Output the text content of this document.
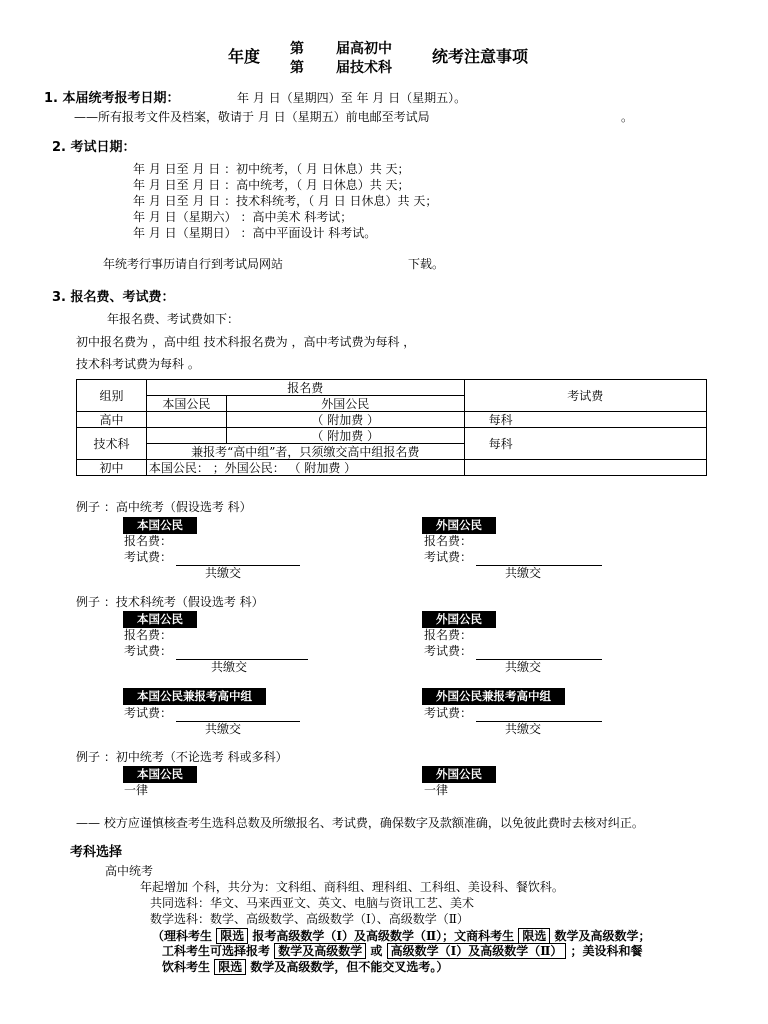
年度 第
第
届高初中
届技术科
统考注意事项
1. 本届统考报考日期：	年 月 日（星期四）至 年 月 日（星期五）。
——所有报考文件及档案，敬请于 月 日（星期五）前电邮至考试局	。
2. 考试日期：
年 月 日至 月 日 ：初中统考，（ 月 日休息）共 天；
年 月 日至 月 日 ：高中统考，（ 月 日休息）共 天；
年 月 日至 月 日 ：技术科统考，（ 月 日 日休息）共 天；
年 月 日（星期六） ：高中美术 科考试；
年 月 日（星期日） ：高中平面设计 科考试。
年统考行事历请自行到考试局网站	下载。
3. 报名费、考试费：
年报名费、考试费如下：
初中报名费为 ，高中组 技术科报名费为 ，高中考试费为每科 ，
技术科考试费为每科 。
组别	报名费		考试费
	本国公民	外国公民	
高中		（ 附加费 ）	每科
技术科		（ 附加费 ）	每科
	兼报考“高中组”者，只须缴交高中组报名费		
初中	本国公民： ；外国公民： （ 附加费 ）		
例子 ：高中统考（假设选考 科）
本国公民
报名费：
考试费：
共缴交
外国公民
报名费：
考试费：
共缴交
例子 ：技术科统考（假设选考 科）
本国公民
报名费：
考试费：
共缴交
外国公民
报名费：
考试费：
共缴交
本国公民兼报考高中组
考试费：
共缴交
外国公民兼报考高中组
考试费：
共缴交
例子 ：初中统考（不论选考 科或多科）
本国公民
一律
外国公民
一律
—— 校方应谨慎核查考生选科总数及所缴报名、考试费，确保数字及款额准确，以免彼此费时去核对纠正。
考科选择
高中统考
年起增加 个科，共分为：文科组、商科组、理科组、工科组、美设科、餐饮科。
共同选科：华文、马来西亚文、英文、电脑与资讯工艺、美术
数学选科：数学、高级数学、高级数学（Ⅰ）、高级数学（Ⅱ）
（理科考生 限选 报考高级数学（Ⅰ）及高级数学（Ⅱ）；文商科考生 限选 数学及高级数学；
工科考生可选择报考 数学及高级数学 或 高级数学（Ⅰ）及高级数学（Ⅱ） ；美设科和餐
饮科考生 限选 数学及高级数学，但不能交叉选考。）
